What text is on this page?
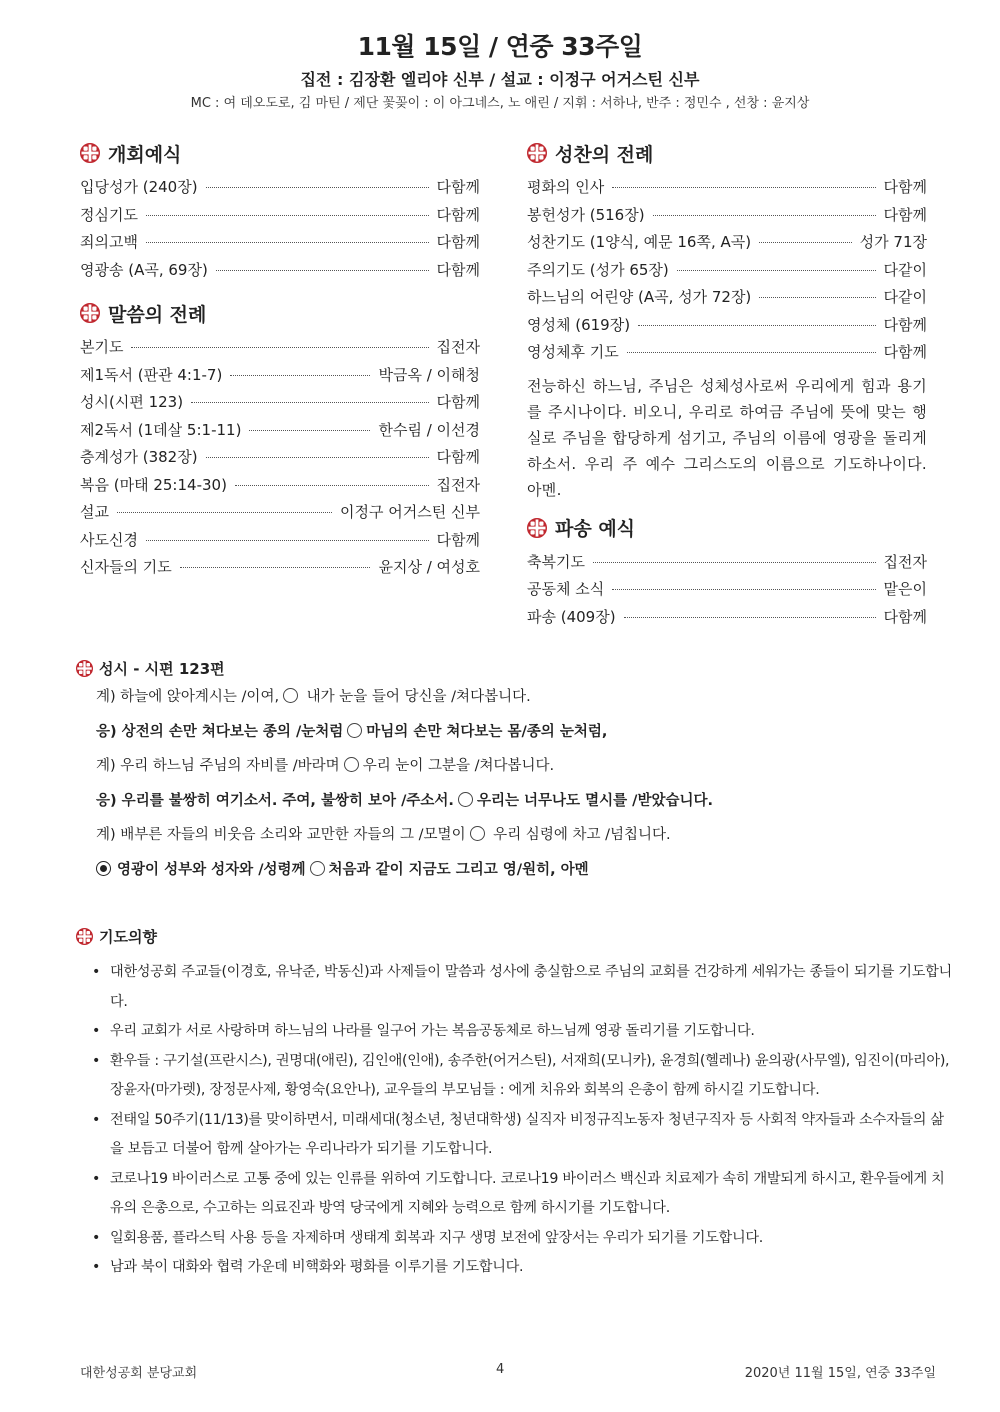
11월 15일 / 연중 33주일
집전 : 김장환 엘리야 신부 / 설교 : 이정구 어거스틴 신부
MC : 여 데오도로, 김 마틴 / 제단 꽃꽂이 : 이 아그네스, 노 애린 / 지휘 : 서하나, 반주 : 정민수 , 선창 : 윤지상
개회예식
입당성가 (240장)	다함께
정심기도	다함께
죄의고백	다함께
영광송 (A곡, 69장)	다함께
말씀의 전례
본기도	집전자
제1독서 (판관 4:1-7)	박금옥 / 이해청
성시(시편 123)	다함께
제2독서 (1데살 5:1-11)	한수림 / 이선경
층계성가 (382장)	다함께
복음 (마태 25:14-30)	집전자
설교	이정구 어거스틴 신부
사도신경	다함께
신자들의 기도	윤지상 / 여성호
성찬의 전례
평화의 인사	다함께
봉헌성가 (516장)	다함께
성찬기도 (1양식, 예문 16쪽, A곡)	성가 71장
주의기도 (성가 65장)	다같이
하느님의 어린양 (A곡, 성가 72장)	다같이
영성체 (619장)	다함께
영성체후 기도	다함께
전능하신 하느님, 주님은 성체성사로써 우리에게 힘과 용기를 주시나이다. 비오니, 우리로 하여금 주님에 뜻에 맞는 행실로 주님을 합당하게 섬기고, 주님의 이름에 영광을 돌리게 하소서. 우리 주 예수 그리스도의 이름으로 기도하나이다. 아멘.
파송 예식
축복기도	집전자
공동체 소식	맡은이
파송 (409장)	다함께
성시 - 시편 123편
계) 하늘에 앉아계시는 /이여, 내가 눈을 들어 당신을 /쳐다봅니다.
응) 상전의 손만 쳐다보는 종의 /눈처럼 마님의 손만 쳐다보는 몸/종의 눈처럼,
계) 우리 하느님 주님의 자비를 /바라며 우리 눈이 그분을 /쳐다봅니다.
응) 우리를 불쌍히 여기소서. 주여, 불쌍히 보아 /주소서. 우리는 너무나도 멸시를 /받았습니다.
계) 배부른 자들의 비웃음 소리와 교만한 자들의 그 /모멸이 우리 심령에 차고 /넘칩니다.
영광이 성부와 성자와 /성령께 처음과 같이 지금도 그리고 영/원히, 아멘
기도의향
• 대한성공회 주교들(이경호, 유낙준, 박동신)과 사제들이 말씀과 성사에 충실함으로 주님의 교회를 건강하게 세워가는 종들이 되기를 기도합니다.
• 우리 교회가 서로 사랑하며 하느님의 나라를 일구어 가는 복음공동체로 하느님께 영광 돌리기를 기도합니다.
• 환우들 : 구기설(프란시스), 권명대(애린), 김인애(인애), 송주한(어거스틴), 서재희(모니카), 윤경희(헬레나) 윤의광(사무엘), 임진이(마리아), 장윤자(마가렛), 장정문사제, 황영숙(요안나), 교우들의 부모님들 : 에게 치유와 회복의 은총이 함께 하시길 기도합니다.
• 전태일 50주기(11/13)를 맞이하면서, 미래세대(청소년, 청년대학생) 실직자 비정규직노동자 청년구직자 등 사회적 약자들과 소수자들의 삶을 보듬고 더불어 함께 살아가는 우리나라가 되기를 기도합니다.
• 코로나19 바이러스로 고통 중에 있는 인류를 위하여 기도합니다. 코로나19 바이러스 백신과 치료제가 속히 개발되게 하시고, 환우들에게 치유의 은총으로, 수고하는 의료진과 방역 당국에게 지혜와 능력으로 함께 하시기를 기도합니다.
• 일회용품, 플라스틱 사용 등을 자제하며 생태계 회복과 지구 생명 보전에 앞장서는 우리가 되기를 기도합니다.
• 남과 북이 대화와 협력 가운데 비핵화와 평화를 이루기를 기도합니다.
대한성공회 분당교회	4	2020년 11월 15일, 연중 33주일
